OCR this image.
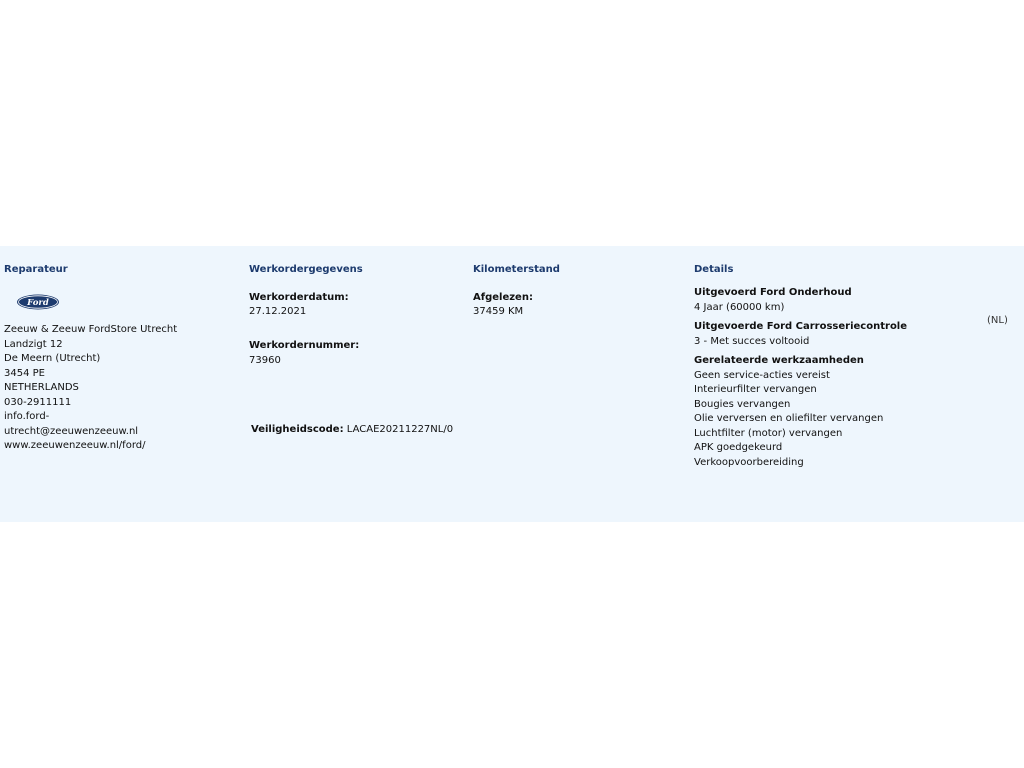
Reparateur
Ford
Zeeuw & Zeeuw FordStore Utrecht
Landzigt 12
De Meern (Utrecht)
3454 PE
NETHERLANDS
030-2911111
info.ford-
utrecht@zeeuwenzeeuw.nl
www.zeeuwenzeeuw.nl/ford/
Werkordergegevens
Werkorderdatum:
27.12.2021
Werkordernummer:
73960
Veiligheidscode: LACAE20211227NL/0
Kilometerstand
Afgelezen:
37459 KM
Details
Uitgevoerd Ford Onderhoud
4 Jaar (60000 km)
Uitgevoerde Ford Carrosseriecontrole
3 - Met succes voltooid
Gerelateerde werkzaamheden
Geen service-acties vereist
Interieurfilter vervangen
Bougies vervangen
Olie verversen en oliefilter vervangen
Luchtfilter (motor) vervangen
APK goedgekeurd
Verkoopvoorbereiding
(NL)
